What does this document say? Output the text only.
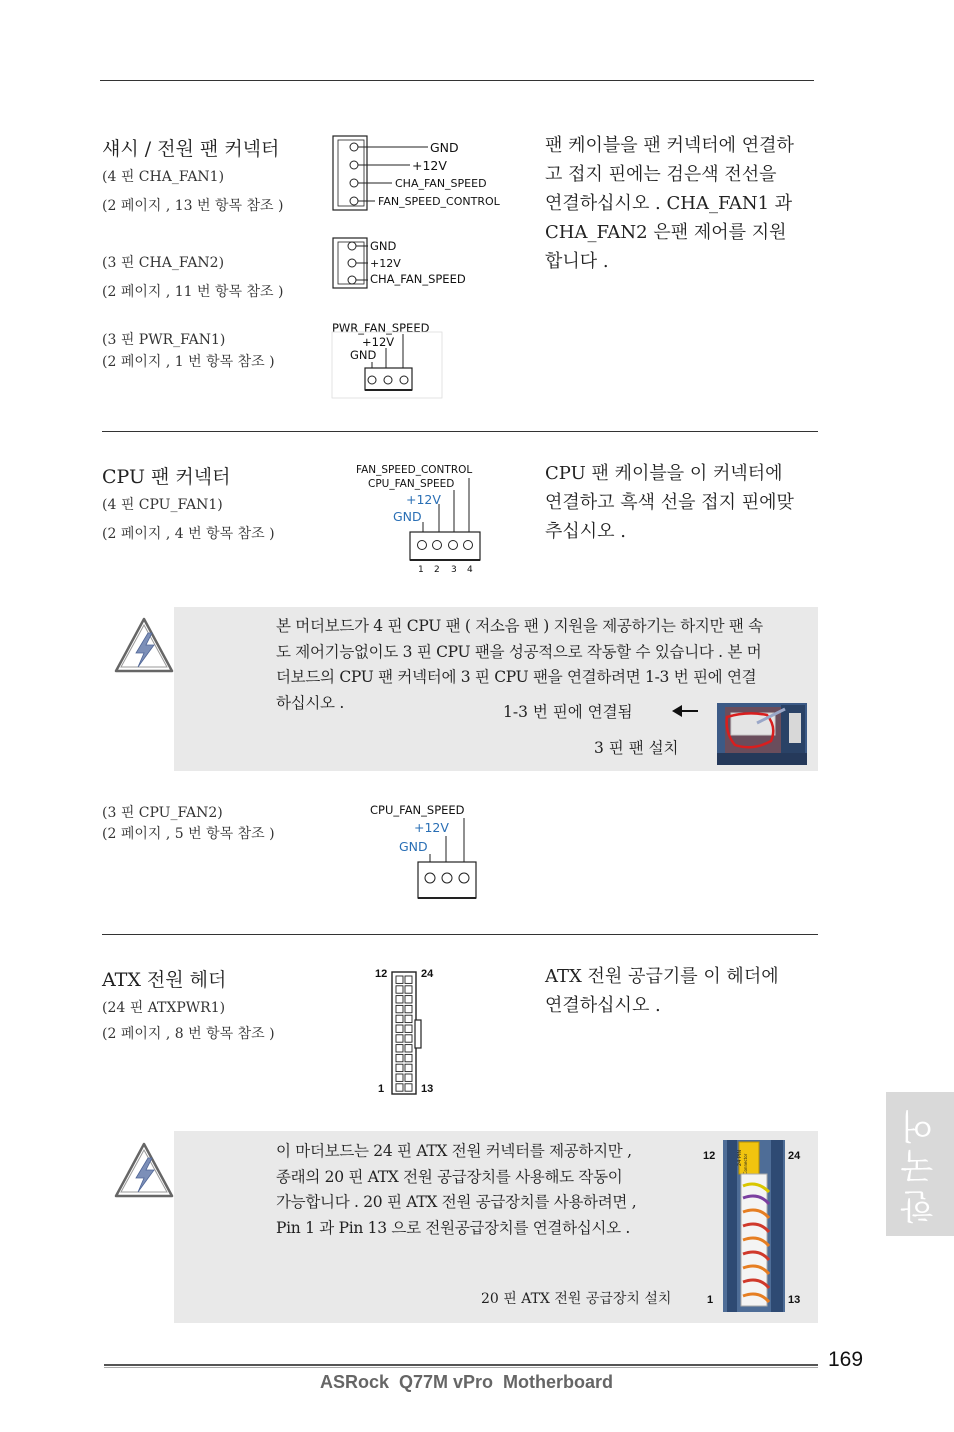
섀시 / 전원 팬 커넥터
(4 핀 CHA_FAN1)
(2 페이지 , 13 번 항목 참조 )
(3 핀 CHA_FAN2)
(2 페이지 , 11 번 항목 참조 )
(3 핀 PWR_FAN1)
(2 페이지 , 1 번 항목 참조 )
GND
+12V
CHA_FAN_SPEED
FAN_SPEED_CONTROL
GND
+12V
CHA_FAN_SPEED
PWR_FAN_SPEED
+12V
GND
팬 케이블을 팬 커넥터에 연결하
고 접지 핀에는 검은색 전선을
연결하십시오 . CHA_FAN1 과
CHA_FAN2 은팬 제어를 지원
합니다 .
CPU 팬 커넥터
(4 핀 CPU_FAN1)
(2 페이지 , 4 번 항목 참조 )
FAN_SPEED_CONTROL
CPU_FAN_SPEED
+12V
GND
1 2 3 4
CPU 팬 케이블을 이 커넥터에
연결하고 흑색 선을 접지 핀에맞
추십시오 .
본 머더보드가 4 핀 CPU 팬 ( 저소음 팬 ) 지원을 제공하기는 하지만 팬 속
도 제어기능없이도 3 핀 CPU 팬을 성공적으로 작동할 수 있습니다 . 본 머
더보드의 CPU 팬 커넥터에 3 핀 CPU 팬을 연결하려면 1-3 번 핀에 연결
하십시오 .
1-3 번 핀에 연결됨
3 핀 팬 설치
(3 핀 CPU_FAN2)
(2 페이지 , 5 번 항목 참조 )
CPU_FAN_SPEED
+12V
GND
ATX 전원 헤더
(24 핀 ATXPWR1)
(2 페이지 , 8 번 항목 참조 )
12	24
1	13
ATX 전원 공급기를 이 헤더에
연결하십시오 .
이 마더보드는 24 핀 ATX 전원 커넥터를 제공하지만 ,
종래의 20 핀 ATX 전원 공급장치를 사용해도 작동이
가능합니다 . 20 핀 ATX 전원 공급장치를 사용하려면 ,
Pin 1 과 Pin 13 으로 전원공급장치를 연결하십시오 .
20 핀 ATX 전원 공급장치 설치
12	24
1	13
24 PIN Connector	한국어
169
ASRock  Q77M vPro  Motherboard
